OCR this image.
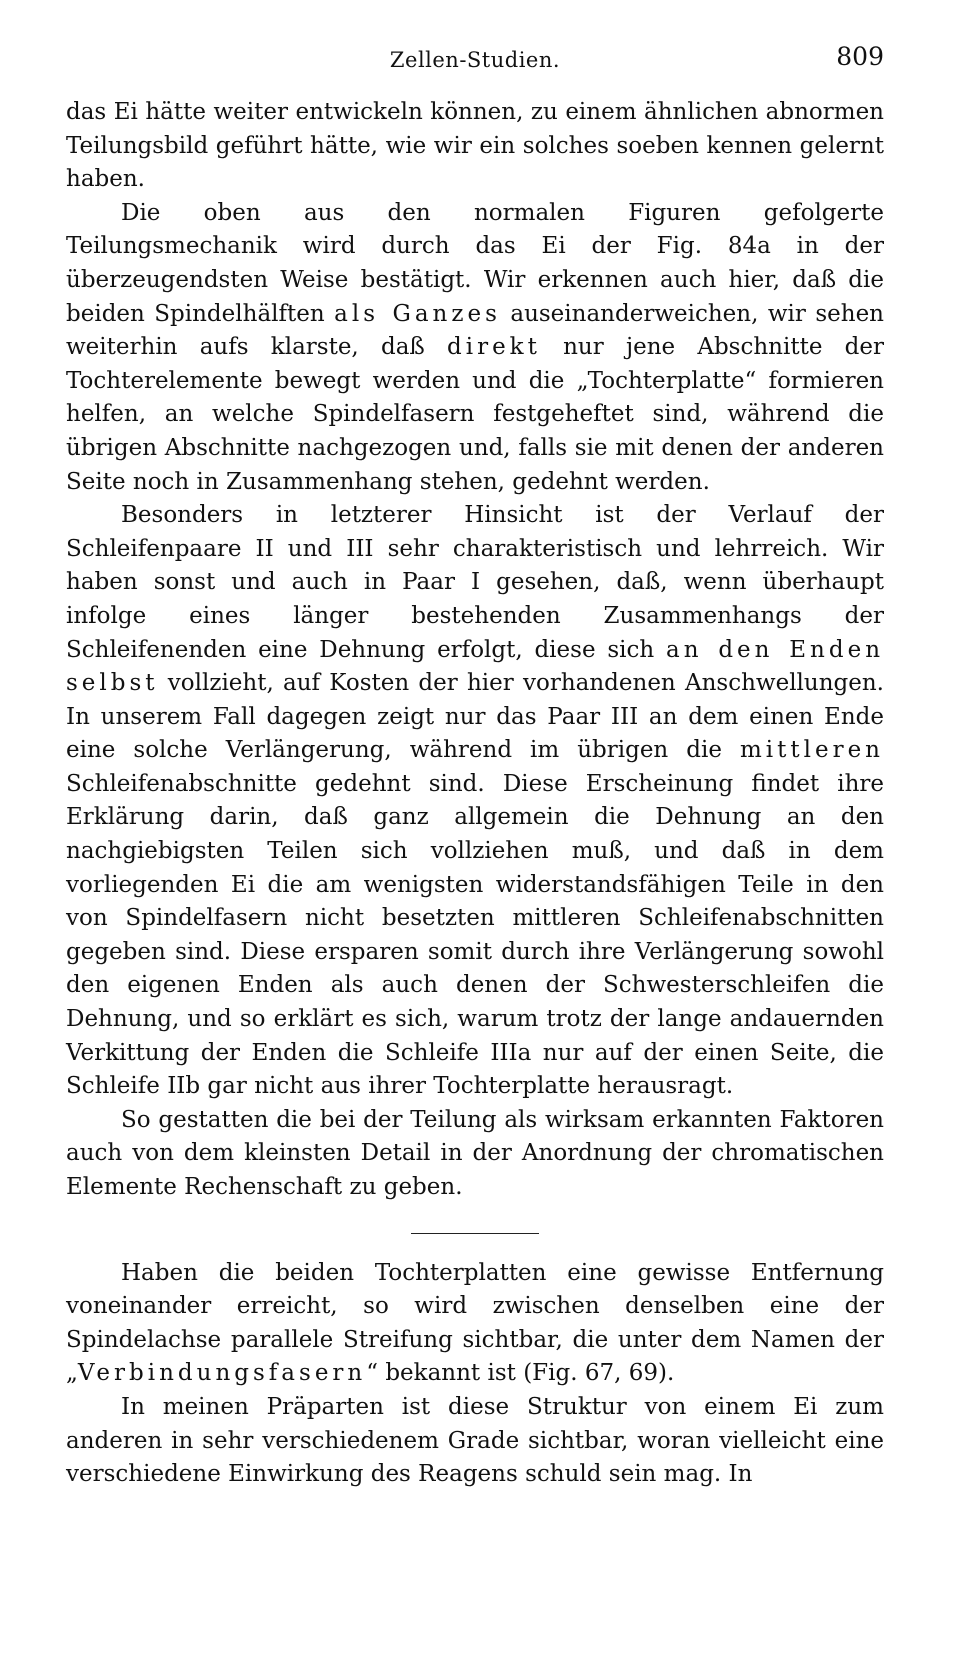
Zellen-Studien.	809

das Ei hätte weiter entwickeln können, zu einem ähnlichen abnormen Teilungsbild geführt hätte, wie wir ein solches soeben kennen gelernt haben.

Die oben aus den normalen Figuren gefolgerte Teilungsmechanik wird durch das Ei der Fig. 84a in der überzeugendsten Weise bestätigt. Wir erkennen auch hier, daß die beiden Spindelhälften als Ganzes auseinanderweichen, wir sehen weiterhin aufs klarste, daß direkt nur jene Abschnitte der Tochterelemente bewegt werden und die „Tochterplatte“ formieren helfen, an welche Spindelfasern festgeheftet sind, während die übrigen Abschnitte nachgezogen und, falls sie mit denen der anderen Seite noch in Zusammenhang stehen, gedehnt werden.

Besonders in letzterer Hinsicht ist der Verlauf der Schleifenpaare II und III sehr charakteristisch und lehrreich. Wir haben sonst und auch in Paar I gesehen, daß, wenn überhaupt infolge eines länger bestehenden Zusammenhangs der Schleifenenden eine Dehnung erfolgt, diese sich an den Enden selbst vollzieht, auf Kosten der hier vorhandenen Anschwellungen. In unserem Fall dagegen zeigt nur das Paar III an dem einen Ende eine solche Verlängerung, während im übrigen die mittleren Schleifenabschnitte gedehnt sind. Diese Erscheinung findet ihre Erklärung darin, daß ganz allgemein die Dehnung an den nachgiebigsten Teilen sich vollziehen muß, und daß in dem vorliegenden Ei die am wenigsten widerstandsfähigen Teile in den von Spindelfasern nicht besetzten mittleren Schleifenabschnitten gegeben sind. Diese ersparen somit durch ihre Verlängerung sowohl den eigenen Enden als auch denen der Schwesterschleifen die Dehnung, und so erklärt es sich, warum trotz der lange andauernden Verkittung der Enden die Schleife IIIa nur auf der einen Seite, die Schleife IIb gar nicht aus ihrer Tochterplatte herausragt.

So gestatten die bei der Teilung als wirksam erkannten Faktoren auch von dem kleinsten Detail in der Anordnung der chromatischen Elemente Rechenschaft zu geben.

Haben die beiden Tochterplatten eine gewisse Entfernung voneinander erreicht, so wird zwischen denselben eine der Spindelachse parallele Streifung sichtbar, die unter dem Namen der „Verbindungsfasern“ bekannt ist (Fig. 67, 69).

In meinen Präparten ist diese Struktur von einem Ei zum anderen in sehr verschiedenem Grade sichtbar, woran vielleicht eine verschiedene Einwirkung des Reagens schuld sein mag. In
